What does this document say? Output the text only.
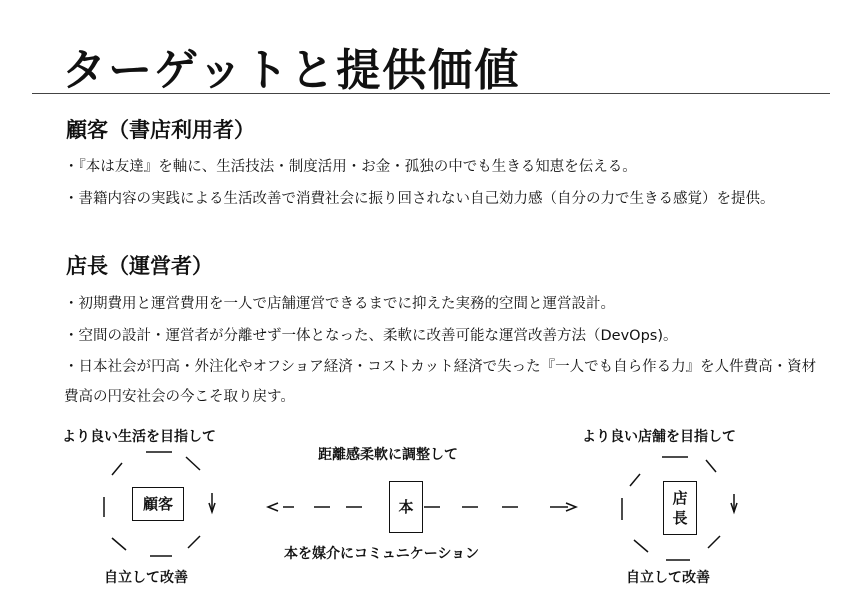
ターゲットと提供価値
顧客（書店利用者）
・『本は友達』を軸に、生活技法・制度活用・お金・孤独の中でも生きる知恵を伝える。
・書籍内容の実践による生活改善で消費社会に振り回されない自己効力感（自分の力で生きる感覚）を提供。
店長（運営者）
・初期費用と運営費用を一人で店舗運営できるまでに抑えた実務的空間と運営設計。
・空間の設計・運営者が分離せず一体となった、柔軟に改善可能な運営改善方法（DevOps)。
・日本社会が円高・外注化やオフショア経済・コストカット経済で失った『一人でも自ら作る力』を人件費高・資材費高の円安社会の今こそ取り戻す。
より良い生活を目指して
顧客
自立して改善
距離感柔軟に調整して
本
本を媒介にコミュニケーション
より良い店舗を目指して
店長
自立して改善
